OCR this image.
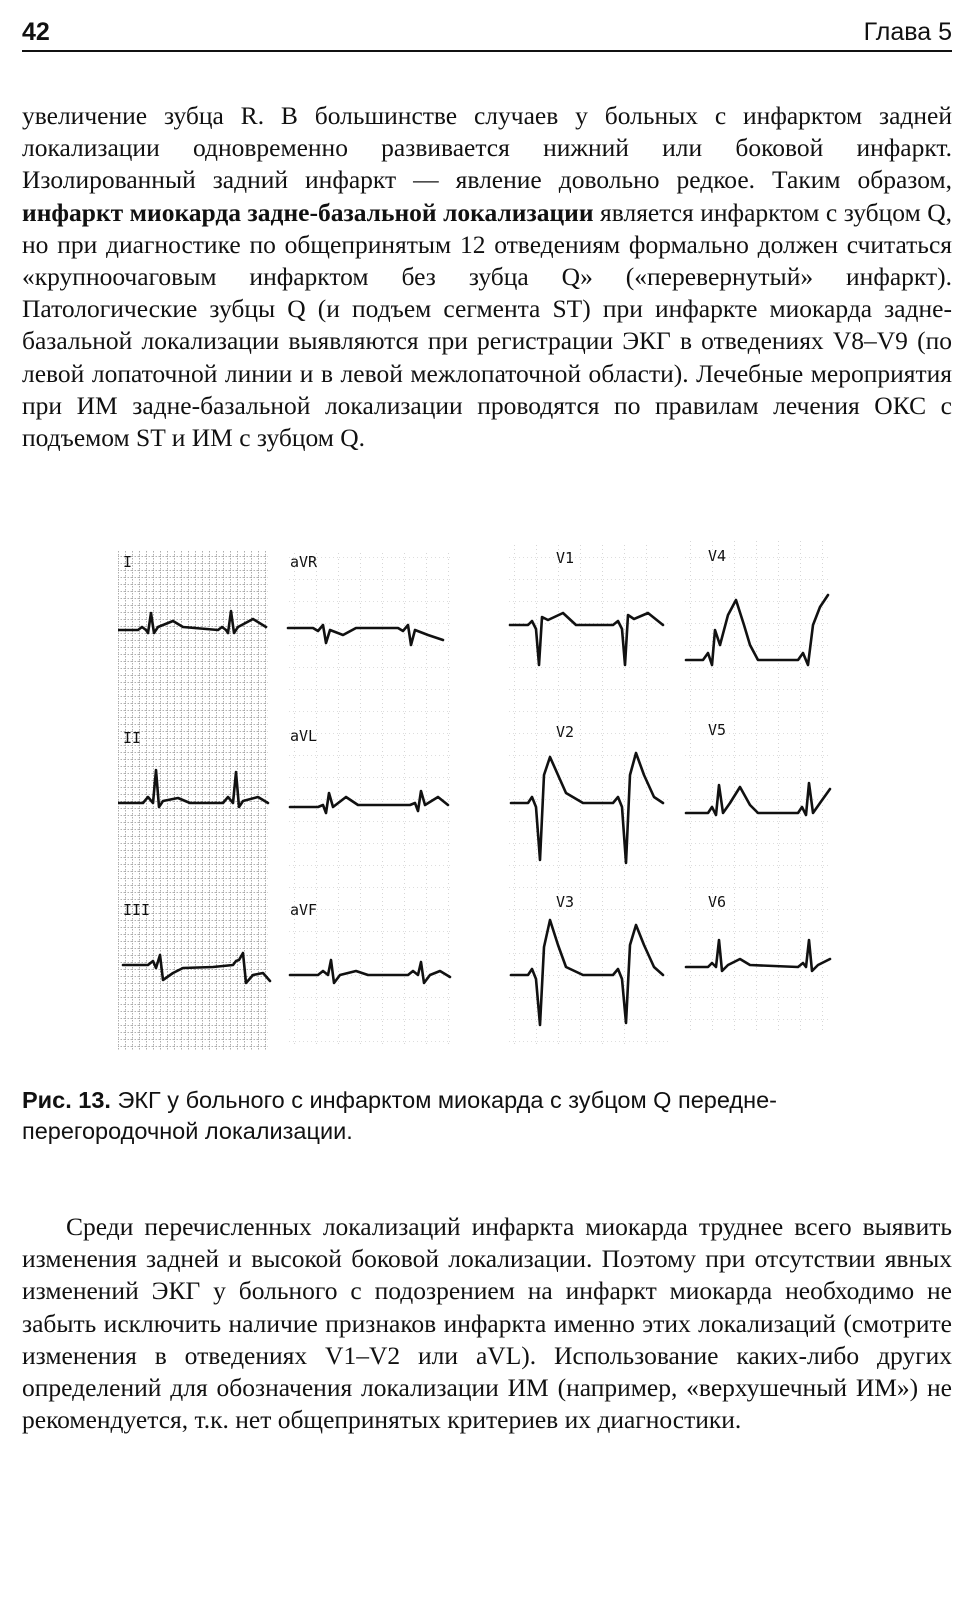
42	Глава 5

увеличение зубца R. В большинстве случаев у больных с инфарктом задней локализации одновременно развивается нижний или боковой инфаркт. Изолированный задний инфаркт — явление довольно редкое. Таким образом, инфаркт миокарда задне-базальной локализации является инфарктом с зубцом Q, но при диагностике по общепринятым 12 отведениям формально должен считаться «крупноочаговым инфарктом без зубца Q» («перевернутый» инфаркт). Патологические зубцы Q (и подъем сегмента ST) при инфаркте миокарда задне-базальной локализации выявляются при регистрации ЭКГ в отведениях V8–V9 (по левой лопаточной линии и в левой межлопаточной области). Лечебные мероприятия при ИМ задне-базальной локализации проводятся по правилам лечения ОКС с подъемом ST и ИМ с зубцом Q.

I
II
III
aVR
aVL
aVF
V1
V2
V3
V4
V5
V6

Рис. 13. ЭКГ у больного с инфарктом миокарда с зубцом Q передне-перегородочной локализации.

Среди перечисленных локализаций инфаркта миокарда труднее всего выявить изменения задней и высокой боковой локализации. Поэтому при отсутствии явных изменений ЭКГ у больного с подозрением на инфаркт миокарда необходимо не забыть исключить наличие признаков инфаркта именно этих локализаций (смотрите изменения в отведениях V1–V2 или aVL). Использование каких-либо других определений для обозначения локализации ИМ (например, «верхушечный ИМ») не рекомендуется, т.к. нет общепринятых критериев их диагностики.
